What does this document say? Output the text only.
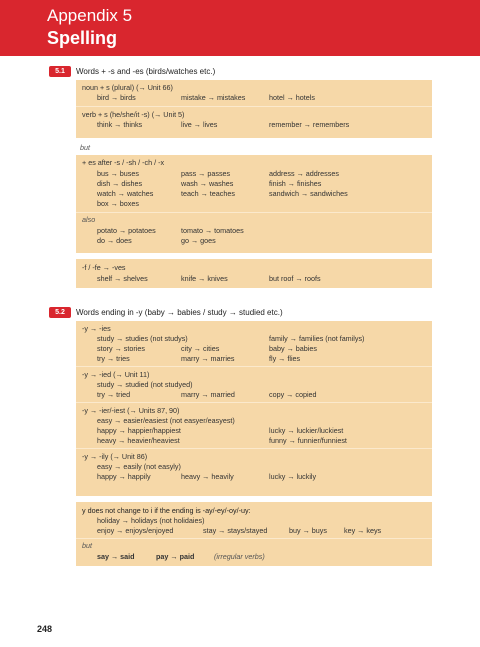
Appendix 5
Spelling
5.1	Words + -s and -es (birds/watches etc.)
noun + s (plural) (→ Unit 66)
bird → birds	mistake → mistakes	hotel → hotels
verb + s (he/she/it -s) (→ Unit 5)
think → thinks	live → lives	remember → remembers
but
+ es after -s / -sh / -ch / -x
bus → buses	pass → passes	address → addresses
dish → dishes	wash → washes	finish → finishes
watch → watches	teach → teaches	sandwich → sandwiches
box → boxes
also
potato → potatoes	tomato → tomatoes
do → does	go → goes
-f / -fe → -ves
shelf → shelves	knife → knives	but roof → roofs
5.2	Words ending in -y (baby → babies / study → studied etc.)
-y → -ies
study → studies (not studys)	family → families (not familys)
story → stories	city → cities	baby → babies
try → tries	marry → marries	fly → flies
-y → -ied (→ Unit 11)
study → studied (not studyed)
try → tried	marry → married	copy → copied
-y → -ier/-iest (→ Units 87, 90)
easy → easier/easiest (not easyer/easyest)
happy → happier/happiest	lucky → luckier/luckiest
heavy → heavier/heaviest	funny → funnier/funniest
-y → -ily (→ Unit 86)
easy → easily (not easyly)
happy → happily	heavy → heavily	lucky → luckily
y does not change to i if the ending is -ay/-ey/-oy/-uy:
holiday → holidays (not holidaies)
enjoy → enjoys/enjoyed	stay → stays/stayed	buy → buys key → keys
but
say → said	pay → paid	(irregular verbs)
248
